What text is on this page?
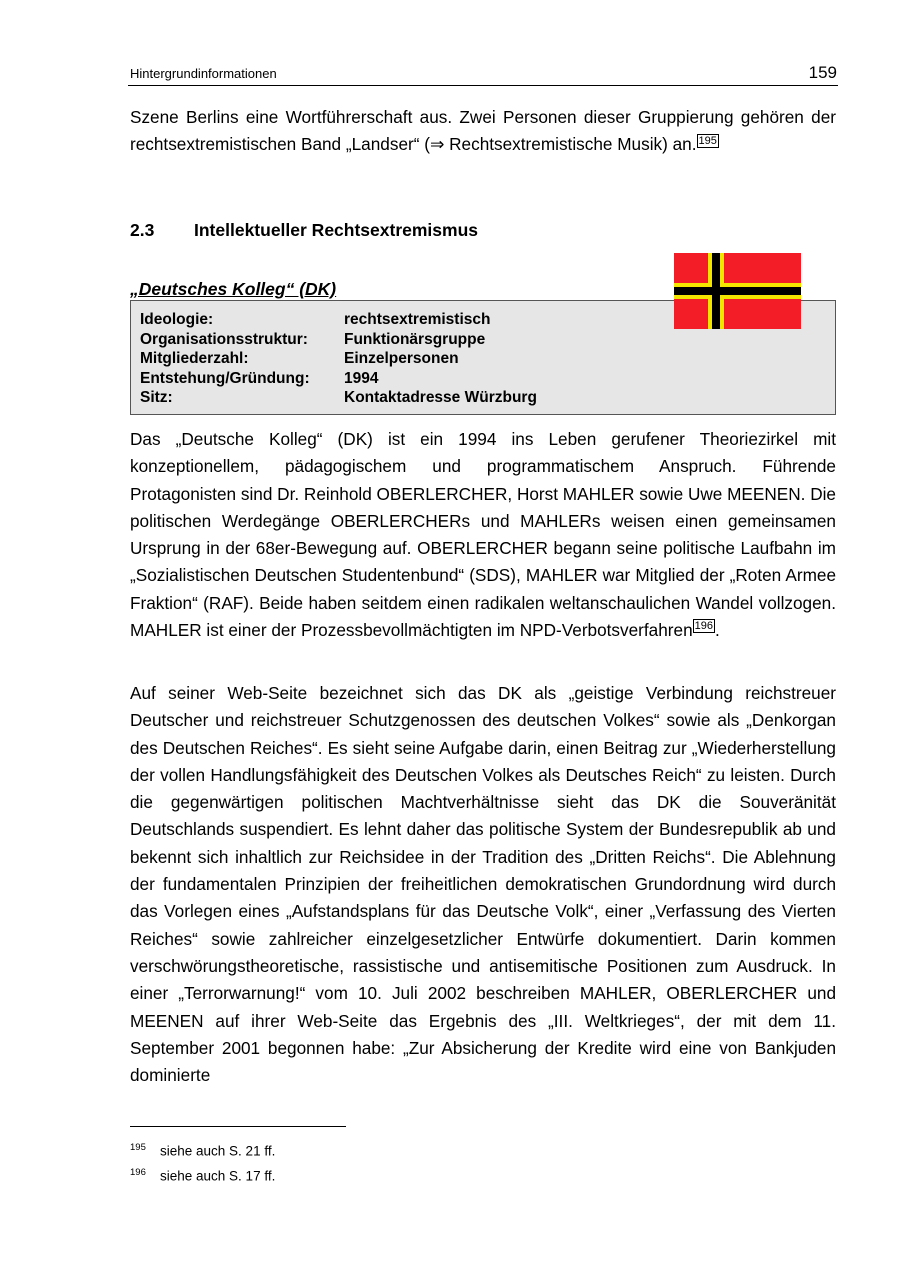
Hintergrundinformationen	159
Szene Berlins eine Wortführerschaft aus. Zwei Personen dieser Gruppierung gehören der rechtsextremistischen Band „Landser“ (⇒ Rechtsextremistische Musik) an. $^{195}$
2.3 Intellektueller Rechtsextremismus
„Deutsches Kolleg“ (DK)
Ideologie:	rechtsextremistisch
Organisationsstruktur: Funktionärsgruppe
Mitgliederzahl:	Einzelpersonen
Entstehung/Gründung: 1994
Sitz:	Kontaktadresse Würzburg
Das „Deutsche Kolleg“ (DK) ist ein 1994 ins Leben gerufener Theoriezirkel mit konzeptionellem, pädagogischem und programmatischem Anspruch. Führende Protagonisten sind Dr. Reinhold OBERLERCHER, Horst MAHLER sowie Uwe MEENEN. Die politischen Werdegänge OBERLERCHERs und MAHLERs weisen einen gemeinsamen Ursprung in der 68er-Bewegung auf. OBERLERCHER begann seine politische Laufbahn im „Sozialistischen Deutschen Studentenbund“ (SDS), MAHLER war Mitglied der „Roten Armee Fraktion“ (RAF). Beide haben seitdem einen radikalen weltanschaulichen Wandel vollzogen. MAHLER ist einer der Prozessbevollmächtigten im NPD-Verbotsverfahren $^{196}$ .
Auf seiner Web-Seite bezeichnet sich das DK als „geistige Verbindung reichstreuer Deutscher und reichstreuer Schutzgenossen des deutschen Volkes“ sowie als „Denkorgan des Deutschen Reiches“. Es sieht seine Aufgabe darin, einen Beitrag zur „Wiederherstellung der vollen Handlungsfähigkeit des Deutschen Volkes als Deutsches Reich“ zu leisten. Durch die gegenwärtigen politischen Machtverhältnisse sieht das DK die Souveränität Deutschlands suspendiert. Es lehnt daher das politische System der Bundesrepublik ab und bekennt sich inhaltlich zur Reichsidee in der Tradition des „Dritten Reichs“. Die Ablehnung der fundamentalen Prinzipien der freiheitlichen demokratischen Grundordnung wird durch das Vorlegen eines „Aufstandsplans für das Deutsche Volk“, einer „Verfassung des Vierten Reiches“ sowie zahlreicher einzelgesetzlicher Entwürfe dokumentiert. Darin kommen verschwörungstheoretische, rassistische und antisemitische Positionen zum Ausdruck. In einer „Terrorwarnung!“ vom 10. Juli 2002 beschreiben MAHLER, OBERLERCHER und MEENEN auf ihrer Web-Seite das Ergebnis des „III. Weltkrieges“, der mit dem 11. September 2001 begonnen habe: „Zur Absicherung der Kredite wird eine von Bankjuden dominierte
195 siehe auch S. 21 ff.
196 siehe auch S. 17 ff.
